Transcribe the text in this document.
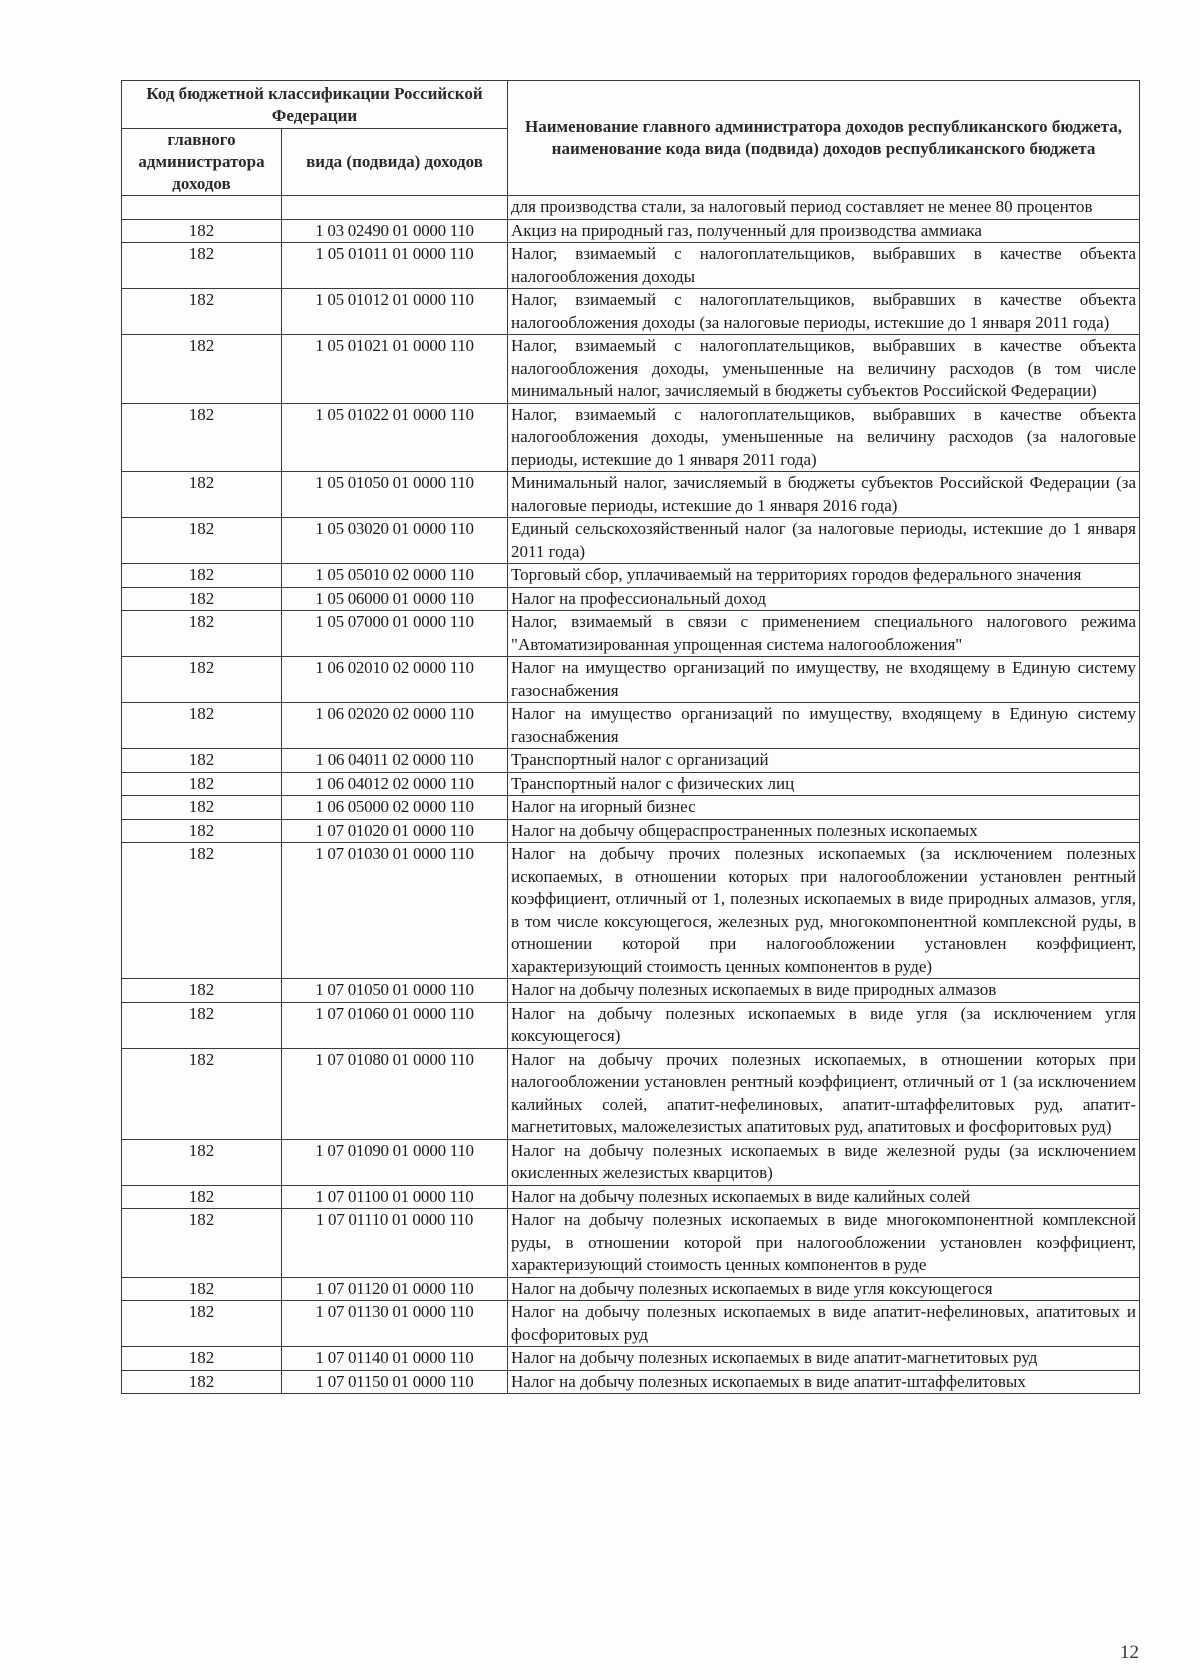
Код бюджетной классификации Российской Федерации		Наименование главного администратора доходов республиканского бюджета, наименование кода вида (подвида) доходов республиканского бюджета
главного администратора доходов	вида (подвида) доходов	
		для производства стали, за налоговый период составляет не менее 80 процентов
182	1 03 02490 01 0000 110	Акциз на природный газ, полученный для производства аммиака
182	1 05 01011 01 0000 110	Налог, взимаемый с налогоплательщиков, выбравших в качестве объекта налогообложения доходы
182	1 05 01012 01 0000 110	Налог, взимаемый с налогоплательщиков, выбравших в качестве объекта налогообложения доходы (за налоговые периоды, истекшие до 1 января 2011 года)
182	1 05 01021 01 0000 110	Налог, взимаемый с налогоплательщиков, выбравших в качестве объекта налогообложения доходы, уменьшенные на величину расходов (в том числе минимальный налог, зачисляемый в бюджеты субъектов Российской Федерации)
182	1 05 01022 01 0000 110	Налог, взимаемый с налогоплательщиков, выбравших в качестве объекта налогообложения доходы, уменьшенные на величину расходов (за налоговые периоды, истекшие до 1 января 2011 года)
182	1 05 01050 01 0000 110	Минимальный налог, зачисляемый в бюджеты субъектов Российской Федерации (за налоговые периоды, истекшие до 1 января 2016 года)
182	1 05 03020 01 0000 110	Единый сельскохозяйственный налог (за налоговые периоды, истекшие до 1 января 2011 года)
182	1 05 05010 02 0000 110	Торговый сбор, уплачиваемый на территориях городов федерального значения
182	1 05 06000 01 0000 110	Налог на профессиональный доход
182	1 05 07000 01 0000 110	Налог, взимаемый в связи с применением специального налогового режима "Автоматизированная упрощенная система налогообложения"
182	1 06 02010 02 0000 110	Налог на имущество организаций по имуществу, не входящему в Единую систему газоснабжения
182	1 06 02020 02 0000 110	Налог на имущество организаций по имуществу, входящему в Единую систему газоснабжения
182	1 06 04011 02 0000 110	Транспортный налог с организаций
182	1 06 04012 02 0000 110	Транспортный налог с физических лиц
182	1 06 05000 02 0000 110	Налог на игорный бизнес
182	1 07 01020 01 0000 110	Налог на добычу общераспространенных полезных ископаемых
182	1 07 01030 01 0000 110	Налог на добычу прочих полезных ископаемых (за исключением полезных ископаемых, в отношении которых при налогообложении установлен рентный коэффициент, отличный от 1, полезных ископаемых в виде природных алмазов, угля, в том числе коксующегося, железных руд, многокомпонентной комплексной руды, в отношении которой при налогообложении установлен коэффициент, характеризующий стоимость ценных компонентов в руде)
182	1 07 01050 01 0000 110	Налог на добычу полезных ископаемых в виде природных алмазов
182	1 07 01060 01 0000 110	Налог на добычу полезных ископаемых в виде угля (за исключением угля коксующегося)
182	1 07 01080 01 0000 110	Налог на добычу прочих полезных ископаемых, в отношении которых при налогообложении установлен рентный коэффициент, отличный от 1 (за исключением калийных солей, апатит-нефелиновых, апатит-штаффелитовых руд, апатит-магнетитовых, маложелезистых апатитовых руд, апатитовых и фосфоритовых руд)
182	1 07 01090 01 0000 110	Налог на добычу полезных ископаемых в виде железной руды (за исключением окисленных железистых кварцитов)
182	1 07 01100 01 0000 110	Налог на добычу полезных ископаемых в виде калийных солей
182	1 07 01110 01 0000 110	Налог на добычу полезных ископаемых в виде многокомпонентной комплексной руды, в отношении которой при налогообложении установлен коэффициент, характеризующий стоимость ценных компонентов в руде
182	1 07 01120 01 0000 110	Налог на добычу полезных ископаемых в виде угля коксующегося
182	1 07 01130 01 0000 110	Налог на добычу полезных ископаемых в виде апатит-нефелиновых, апатитовых и фосфоритовых руд
182	1 07 01140 01 0000 110	Налог на добычу полезных ископаемых в виде апатит-магнетитовых руд
182	1 07 01150 01 0000 110	Налог на добычу полезных ископаемых в виде апатит-штаффелитовых
12
